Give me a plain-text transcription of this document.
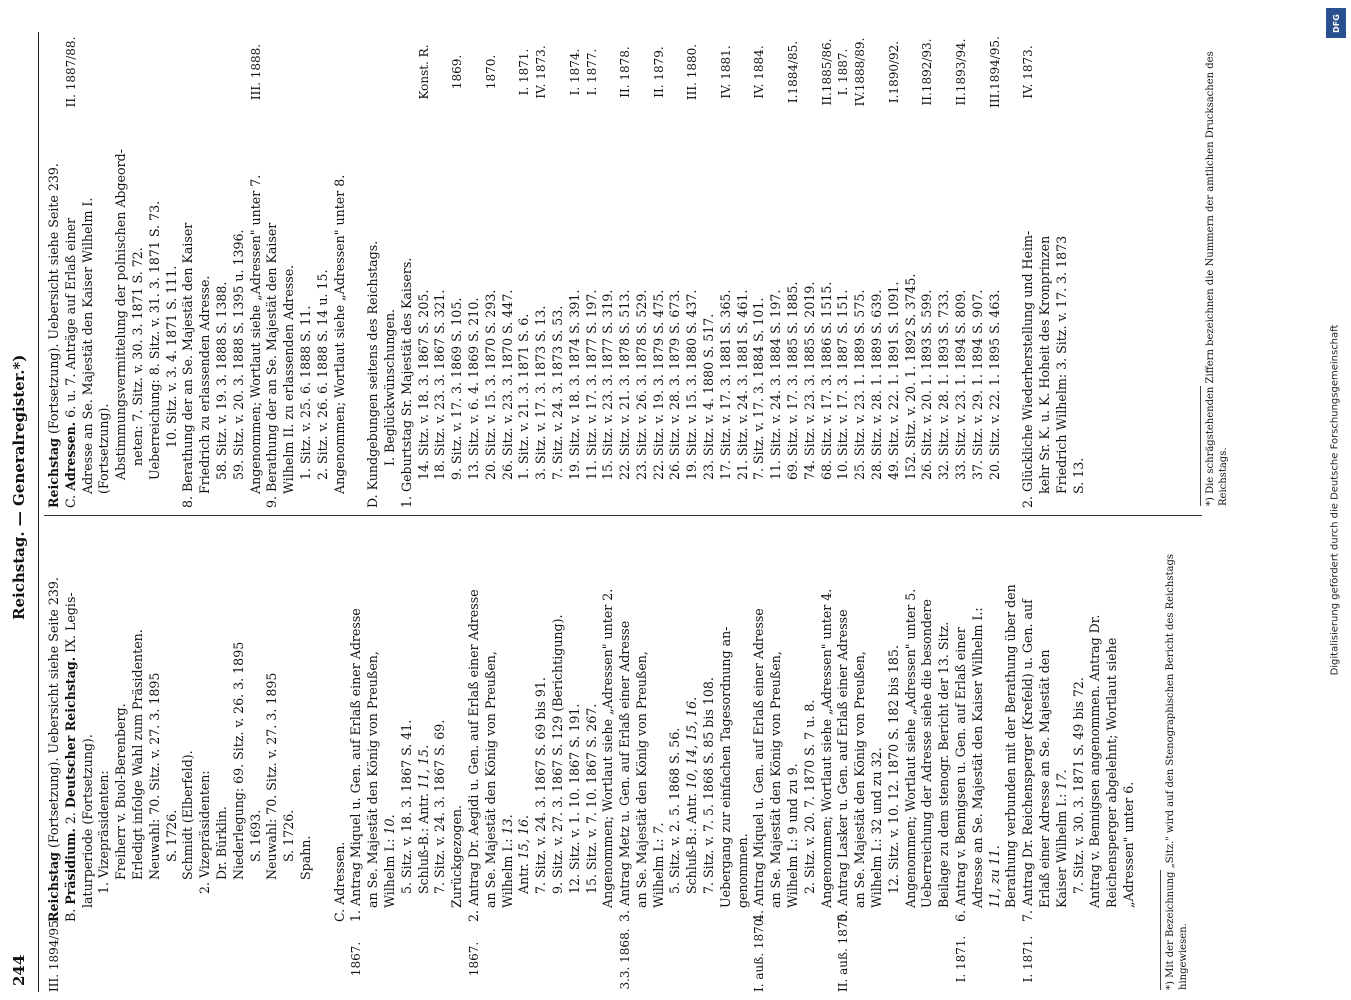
244
Reichstag. — Generalregister.*)
III. 1894/95.
Reichstag (Fortsetzung). Uebersicht siehe Seite 239.
B. Präsidium. 2. Deutscher Reichstag. IX. Legis-
laturperiode (Fortsetzung). 1. Vizepräsidenten: Freiherr v. Buol-Berenberg. Erledigt infolge Wahl zum Präsidenten. Neuwahl: 70. Sitz. v. 27. 3. 1895 S. 1726. Schmidt (Elberfeld). 2. Vizepräsidenten: Dr. Bürklin. Niederlegung: 69. Sitz. v. 26. 3. 1895 S. 1693. Neuwahl: 70. Sitz. v. 27. 3. 1895 S. 1726. Spahn. C. Adressen.
1867.
1. Antrag Miquel u. Gen. auf Erlaß einer Adresse an Se. Majestät den König von Preußen, Wilhelm I.: 10. 5. Sitz. v. 18. 3. 1867 S. 41. Schluß-B.: Antr. 11, 15. 7. Sitz. v. 24. 3. 1867 S. 69. Zurückgezogen.
1867.
2. Antrag Dr. Aegidi u. Gen. auf Erlaß einer Adresse an Se. Majestät den König von Preußen, Wilhelm I.: 13.
Antr. 15, 16. 7. Sitz. v. 24. 3. 1867 S. 69 bis 91. 9. Sitz. v. 27. 3. 1867 S. 129 (Berichtigung). 12. Sitz. v. 1. 10. 1867 S. 191. 15. Sitz. v. 7. 10. 1867 S. 267. Angenommen; Wortlaut siehe „Adressen" unter 2.
3.3. 1868.
3. Antrag Metz u. Gen. auf Erlaß einer Adresse an Se. Majestät den König von Preußen, Wilhelm I.: 7. 5. Sitz. v. 2. 5. 1868 S. 56. Schluß-B.: Antr. 10, 14, 15, 16. 7. Sitz. v. 7. 5. 1868 S. 85 bis 108. Uebergang zur einfachen Tagesordnung an- genommen.
I. auß. 1870.
4. Antrag Miquel u. Gen. auf Erlaß einer Adresse an Se. Majestät den König von Preußen, Wilhelm I.: 9 und zu 9. 2. Sitz. v. 20. 7. 1870 S. 7 u. 8. Angenommen; Wortlaut siehe „Adressen" unter 4.
II. auß. 1870.
5. Antrag Lasker u. Gen. auf Erlaß einer Adresse an Se. Majestät den König von Preußen, Wilhelm I.: 32 und zu 32. 12. Sitz. v. 10. 12. 1870 S. 182 bis 185. Angenommen; Wortlaut siehe „Adressen" unter 5. Ueberreichung der Adresse siehe die besondere Beilage zu dem stenogr. Bericht der 13. Sitz.
I. 1871.
6. Antrag v. Bennigsen u. Gen. auf Erlaß einer Adresse an Se. Majestät den Kaiser Wilhelm I.: 11, zu 11. Berathung verbunden mit der Berathung über den
I. 1871.
7. Antrag Dr. Reichensperger (Krefeld) u. Gen. auf Erlaß einer Adresse an Se. Majestät den Kaiser Wilhelm I.: 17. 7. Sitz. v. 30. 3. 1871 S. 49 bis 72. Antrag v. Bennigsen angenommen. Antrag Dr. Reichensperger abgelehnt; Wortlaut siehe „Adressen" unter 6.
Reichstag (Fortsetzung). Uebersicht siehe Seite 239.
II. 1887/88.
C. Adressen. 6. u. 7. Anträge auf Erlaß einer Adresse an Se. Majestät den Kaiser Wilhelm I. (Fortsetzung). Abstimmungsvermittelung der polnischen Abgeord- neten: 7. Sitz. v. 30. 3. 1871 S. 72. Ueberreichung: 8. Sitz. v. 31. 3. 1871 S. 73. 10. Sitz. v. 3. 4. 1871 S. 111. 8. Berathung der an Se. Majestät den Kaiser Friedrich zu erlassenden Adresse. 58. Sitz. v. 19. 3. 1888 S. 1388. 59. Sitz. v. 20. 3. 1888 S. 1395 u. 1396.
III. 1888.
Angenommen; Wortlaut siehe „Adressen" unter 7. 9. Berathung der an Se. Majestät den Kaiser Wilhelm II. zu erlassenden Adresse. 1. Sitz. v. 25. 6. 1888 S. 11. 2. Sitz. v. 26. 6. 1888 S. 14 u. 15. Angenommen; Wortlaut siehe „Adressen" unter 8. D. Kundgebungen seitens des Reichstags. I. Beglückwünschungen. 1. Geburtstag Sr. Majestät des Kaisers.
Konst. R.
14. Sitz. v. 18. 3. 1867 S. 205. 18. Sitz. v. 23. 3. 1867 S. 321.
1869.
9. Sitz. v. 17. 3. 1869 S. 105. 13. Sitz. v. 6. 4. 1869 S. 210.
1870.
20. Sitz. v. 15. 3. 1870 S. 293. 26. Sitz. v. 23. 3. 1870 S. 447.
I. 1871.
1. Sitz. v. 21. 3. 1871 S. 6.
IV. 1873.
3. Sitz. v. 17. 3. 1873 S. 13. 7. Sitz. v. 24. 3. 1873 S. 53.
I. 1874.
19. Sitz. v. 18. 3. 1874 S. 391.
I. 1877.
11. Sitz. v. 17. 3. 1877 S. 197. 15. Sitz. v. 23. 3. 1877 S. 319.
II. 1878.
22. Sitz. v. 21. 3. 1878 S. 513. 23. Sitz. v. 26. 3. 1878 S. 529.
II. 1879.
22. Sitz. v. 19. 3. 1879 S. 475. 26. Sitz. v. 28. 3. 1879 S. 673.
III. 1880.
19. Sitz. v. 15. 3. 1880 S. 437. 23. Sitz. v. 4. 1880 S. 517.
IV. 1881.
17. Sitz. v. 17. 3. 1881 S. 365. 21. Sitz. v. 24. 3. 1881 S. 461.
IV. 1884.
7. Sitz. v. 17. 3. 1884 S. 101. 11. Sitz. v. 24. 3. 1884 S. 197.
I.1884/85.
69. Sitz. v. 17. 3. 1885 S. 1885. 74. Sitz. v. 23. 3. 1885 S. 2019.
II.1885/86.
68. Sitz. v. 17. 3. 1886 S. 1515.
I. 1887.
10. Sitz. v. 17. 3. 1887 S. 151.
IV.1888/89.
25. Sitz. v. 23. 1. 1889 S. 575. 28. Sitz. v. 28. 1. 1889 S. 639.
I.1890/92.
49. Sitz. v. 22. 1. 1891 S. 1091. 152. Sitz. v. 20. 1. 1892 S. 3745.
II.1892/93.
26. Sitz. v. 20. 1. 1893 S. 599. 32. Sitz. v. 28. 1. 1893 S. 733.
II.1893/94.
33. Sitz. v. 23. 1. 1894 S. 809. 37. Sitz. v. 29. 1. 1894 S. 907.
III.1894/95.
20. Sitz. v. 22. 1. 1895 S. 463.
IV. 1873.
2. Glückliche Wiederherstellung und Heim- kehr Sr. K. u. K. Hoheit des Kronprinzen Friedrich Wilhelm: 3. Sitz. v. 17. 3. 1873 S. 13.
*) Mit der Bezeichnung „Sitz." wird auf den Stenographischen Bericht des Reichstags hingewiesen.
*) Die schrägstehenden Ziffern bezeichnen die Nummern der amtlichen Drucksachen des Reichstags.	Digitalisierung gefördert durch die Deutsche Forschungsgemeinschaft
DFG
